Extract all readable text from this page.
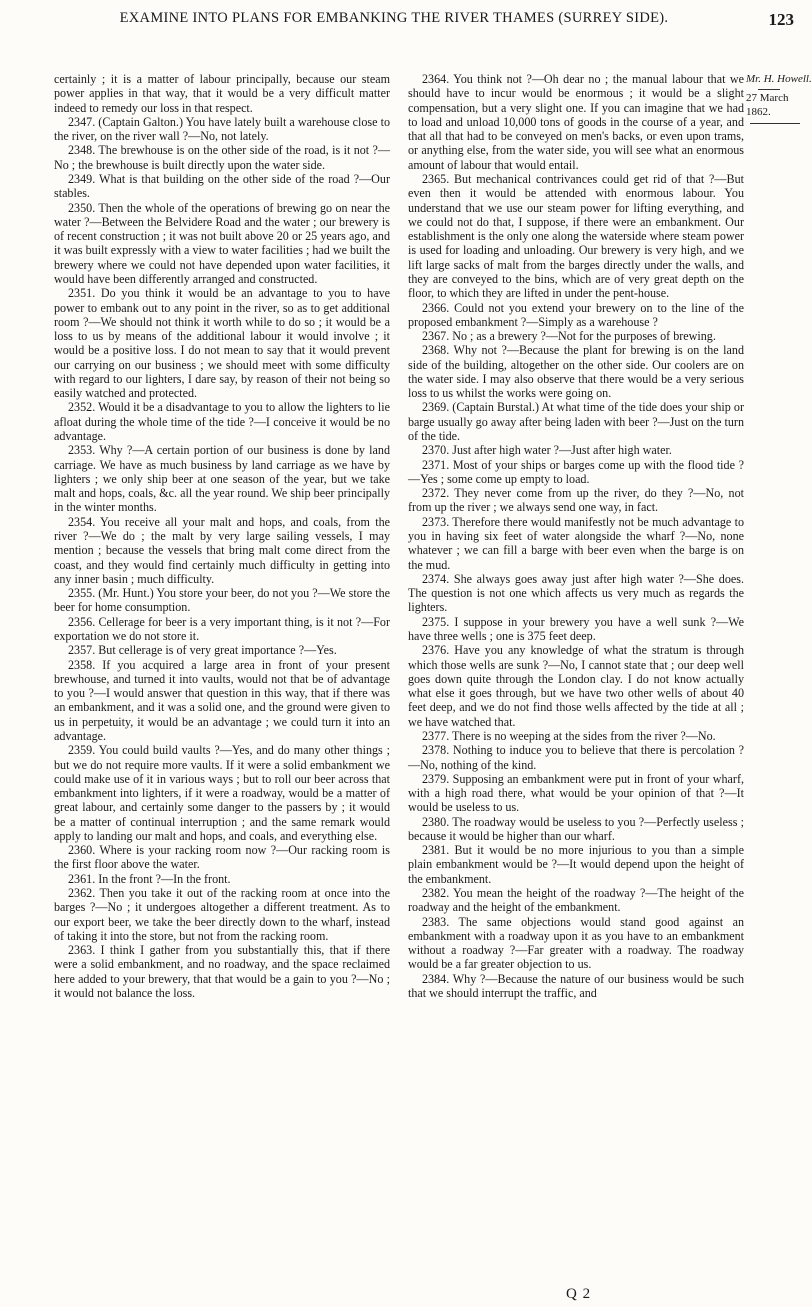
EXAMINE INTO PLANS FOR EMBANKING THE RIVER THAMES (SURREY SIDE).	123

certainly ; it is a matter of labour principally, because our steam power applies in that way, that it would be a very difficult matter indeed to remedy our loss in that respect.

2347. (Captain Galton.) You have lately built a warehouse close to the river, on the river wall ?—No, not lately.

2348. The brewhouse is on the other side of the road, is it not ?—No ; the brewhouse is built directly upon the water side.

2349. What is that building on the other side of the road ?—Our stables.

2350. Then the whole of the operations of brewing go on near the water ?—Between the Belvidere Road and the water ; our brewery is of recent construction ; it was not built above 20 or 25 years ago, and it was built expressly with a view to water facilities ; had we built the brewery where we could not have depended upon water facilities, it would have been differently arranged and constructed.

2351. Do you think it would be an advantage to you to have power to embank out to any point in the river, so as to get additional room ?—We should not think it worth while to do so ; it would be a loss to us by means of the additional labour it would involve ; it would be a positive loss. I do not mean to say that it would prevent our carrying on our business ; we should meet with some difficulty with regard to our lighters, I dare say, by reason of their not being so easily watched and protected.

2352. Would it be a disadvantage to you to allow the lighters to lie afloat during the whole time of the tide ?—I conceive it would be no advantage.

2353. Why ?—A certain portion of our business is done by land carriage. We have as much business by land carriage as we have by lighters ; we only ship beer at one season of the year, but we take malt and hops, coals, &c. all the year round. We ship beer principally in the winter months.

2354. You receive all your malt and hops, and coals, from the river ?—We do ; the malt by very large sailing vessels, I may mention ; because the vessels that bring malt come direct from the coast, and they would find certainly much difficulty in getting into any inner basin ; much difficulty.

2355. (Mr. Hunt.) You store your beer, do not you ?—We store the beer for home consumption.

2356. Cellerage for beer is a very important thing, is it not ?—For exportation we do not store it.

2357. But cellerage is of very great importance ?—Yes.

2358. If you acquired a large area in front of your present brewhouse, and turned it into vaults, would not that be of advantage to you ?—I would answer that question in this way, that if there was an embankment, and it was a solid one, and the ground were given to us in perpetuity, it would be an advantage ; we could turn it into an advantage.

2359. You could build vaults ?—Yes, and do many other things ; but we do not require more vaults. If it were a solid embankment we could make use of it in various ways ; but to roll our beer across that embankment into lighters, if it were a roadway, would be a matter of great labour, and certainly some danger to the passers by ; it would be a matter of continual interruption ; and the same remark would apply to landing our malt and hops, and coals, and everything else.

2360. Where is your racking room now ?—Our racking room is the first floor above the water.

2361. In the front ?—In the front.

2362. Then you take it out of the racking room at once into the barges ?—No ; it undergoes altogether a different treatment. As to our export beer, we take the beer directly down to the wharf, instead of taking it into the store, but not from the racking room.

2363. I think I gather from you substantially this, that if there were a solid embankment, and no roadway, and the space reclaimed here added to your brewery, that that would be a gain to you ?—No ; it would not balance the loss.

2364. You think not ?—Oh dear no ; the manual labour that we should have to incur would be enormous ; it would be a slight compensation, but a very slight one. If you can imagine that we had to load and unload 10,000 tons of goods in the course of a year, and that all that had to be conveyed on men's backs, or even upon trams, or anything else, from the water side, you will see what an enormous amount of labour that would entail.

2365. But mechanical contrivances could get rid of that ?—But even then it would be attended with enormous labour. You understand that we use our steam power for lifting everything, and we could not do that, I suppose, if there were an embankment. Our establishment is the only one along the waterside where steam power is used for loading and unloading. Our brewery is very high, and we lift large sacks of malt from the barges directly under the walls, and they are conveyed to the bins, which are of very great depth on the floor, to which they are lifted in under the pent-house.

2366. Could not you extend your brewery on to the line of the proposed embankment ?—Simply as a warehouse ?

2367. No ; as a brewery ?—Not for the purposes of brewing.

2368. Why not ?—Because the plant for brewing is on the land side of the building, altogether on the other side. Our coolers are on the water side. I may also observe that there would be a very serious loss to us whilst the works were going on.

2369. (Captain Burstal.) At what time of the tide does your ship or barge usually go away after being laden with beer ?—Just on the turn of the tide.

2370. Just after high water ?—Just after high water.

2371. Most of your ships or barges come up with the flood tide ?—Yes ; some come up empty to load.

2372. They never come from up the river, do they ?—No, not from up the river ; we always send one way, in fact.

2373. Therefore there would manifestly not be much advantage to you in having six feet of water alongside the wharf ?—No, none whatever ; we can fill a barge with beer even when the barge is on the mud.

2374. She always goes away just after high water ?—She does. The question is not one which affects us very much as regards the lighters.

2375. I suppose in your brewery you have a well sunk ?—We have three wells ; one is 375 feet deep.

2376. Have you any knowledge of what the stratum is through which those wells are sunk ?—No, I cannot state that ; our deep well goes down quite through the London clay. I do not know actually what else it goes through, but we have two other wells of about 40 feet deep, and we do not find those wells affected by the tide at all ; we have watched that.

2377. There is no weeping at the sides from the river ?—No.

2378. Nothing to induce you to believe that there is percolation ?—No, nothing of the kind.

2379. Supposing an embankment were put in front of your wharf, with a high road there, what would be your opinion of that ?—It would be useless to us.

2380. The roadway would be useless to you ?—Perfectly useless ; because it would be higher than our wharf.

2381. But it would be no more injurious to you than a simple plain embankment would be ?—It would depend upon the height of the embankment.

2382. You mean the height of the roadway ?—The height of the roadway and the height of the embankment.

2383. The same objections would stand good against an embankment with a roadway upon it as you have to an embankment without a roadway ?—Far greater with a roadway. The roadway would be a far greater objection to us.

2384. Why ?—Because the nature of our business would be such that we should interrupt the traffic, and

Mr. H. Howell.
27 March 1862.
Q 2
